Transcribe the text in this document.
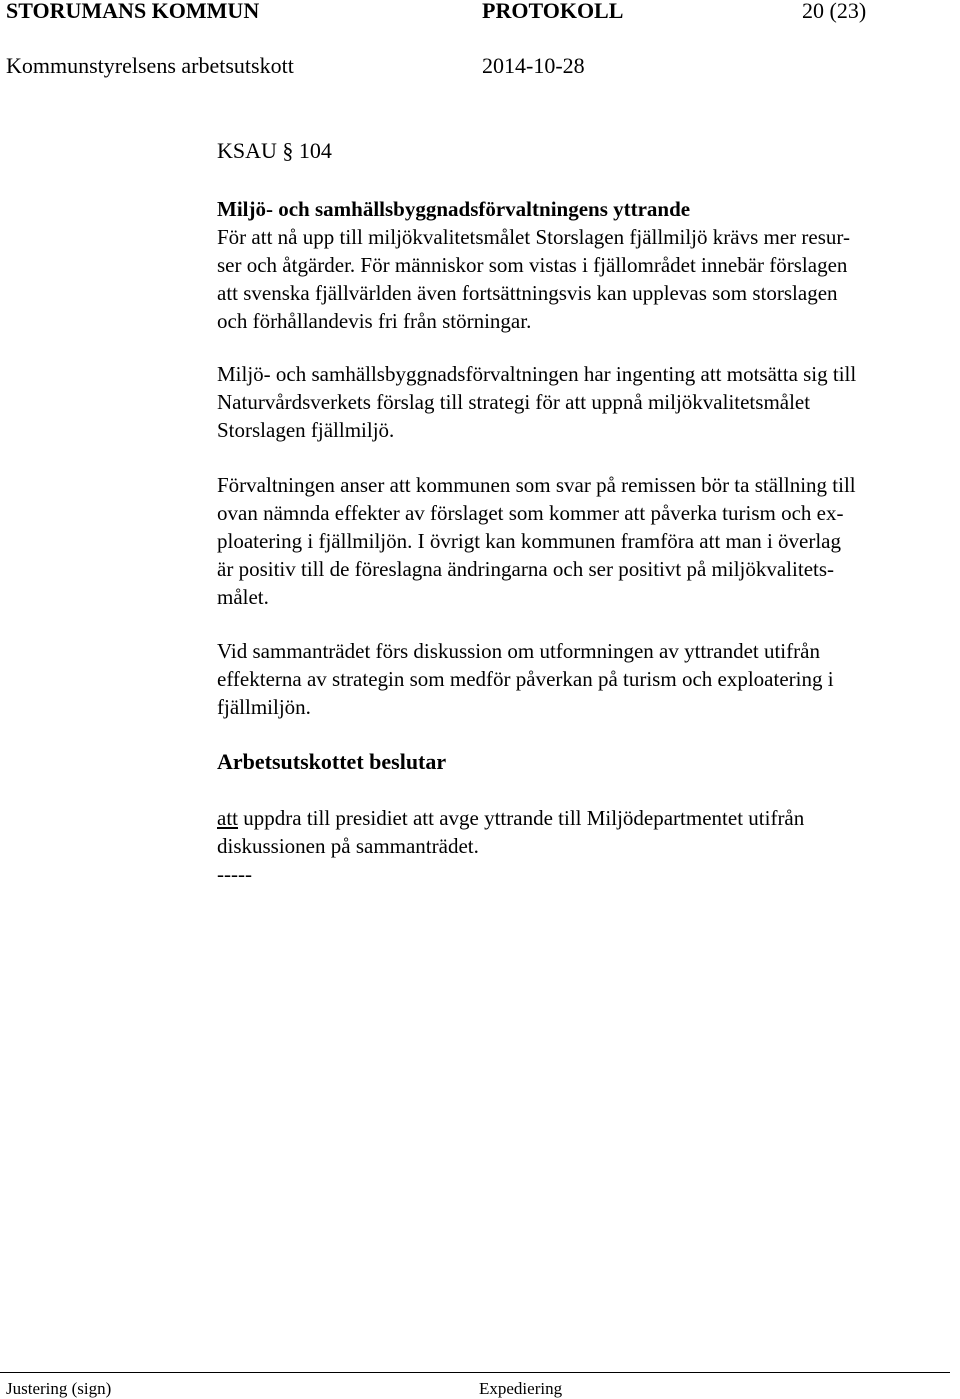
STORUMANS KOMMUN	PROTOKOLL	20 (23)
Kommunstyrelsens arbetsutskott	2014-10-28
KSAU § 104
Miljö- och samhällsbyggnadsförvaltningens yttrande
För att nå upp till miljökvalitetsmålet Storslagen fjällmiljö krävs mer resur-
ser och åtgärder. För människor som vistas i fjällområdet innebär förslagen
att svenska fjällvärlden även fortsättningsvis kan upplevas som storslagen
och förhållandevis fri från störningar.
Miljö- och samhällsbyggnadsförvaltningen har ingenting att motsätta sig till
Naturvårdsverkets förslag till strategi för att uppnå miljökvalitetsmålet
Storslagen fjällmiljö.
Förvaltningen anser att kommunen som svar på remissen bör ta ställning till
ovan nämnda effekter av förslaget som kommer att påverka turism och ex-
ploatering i fjällmiljön. I övrigt kan kommunen framföra att man i överlag
är positiv till de föreslagna ändringarna och ser positivt på miljökvalitets-
målet.
Vid sammanträdet förs diskussion om utformningen av yttrandet utifrån
effekterna av strategin som medför påverkan på turism och exploatering i
fjällmiljön.
Arbetsutskottet beslutar
att uppdra till presidiet att avge yttrande till Miljödepartmentet utifrån
diskussionen på sammanträdet.
-----
Justering (sign)	Expediering
